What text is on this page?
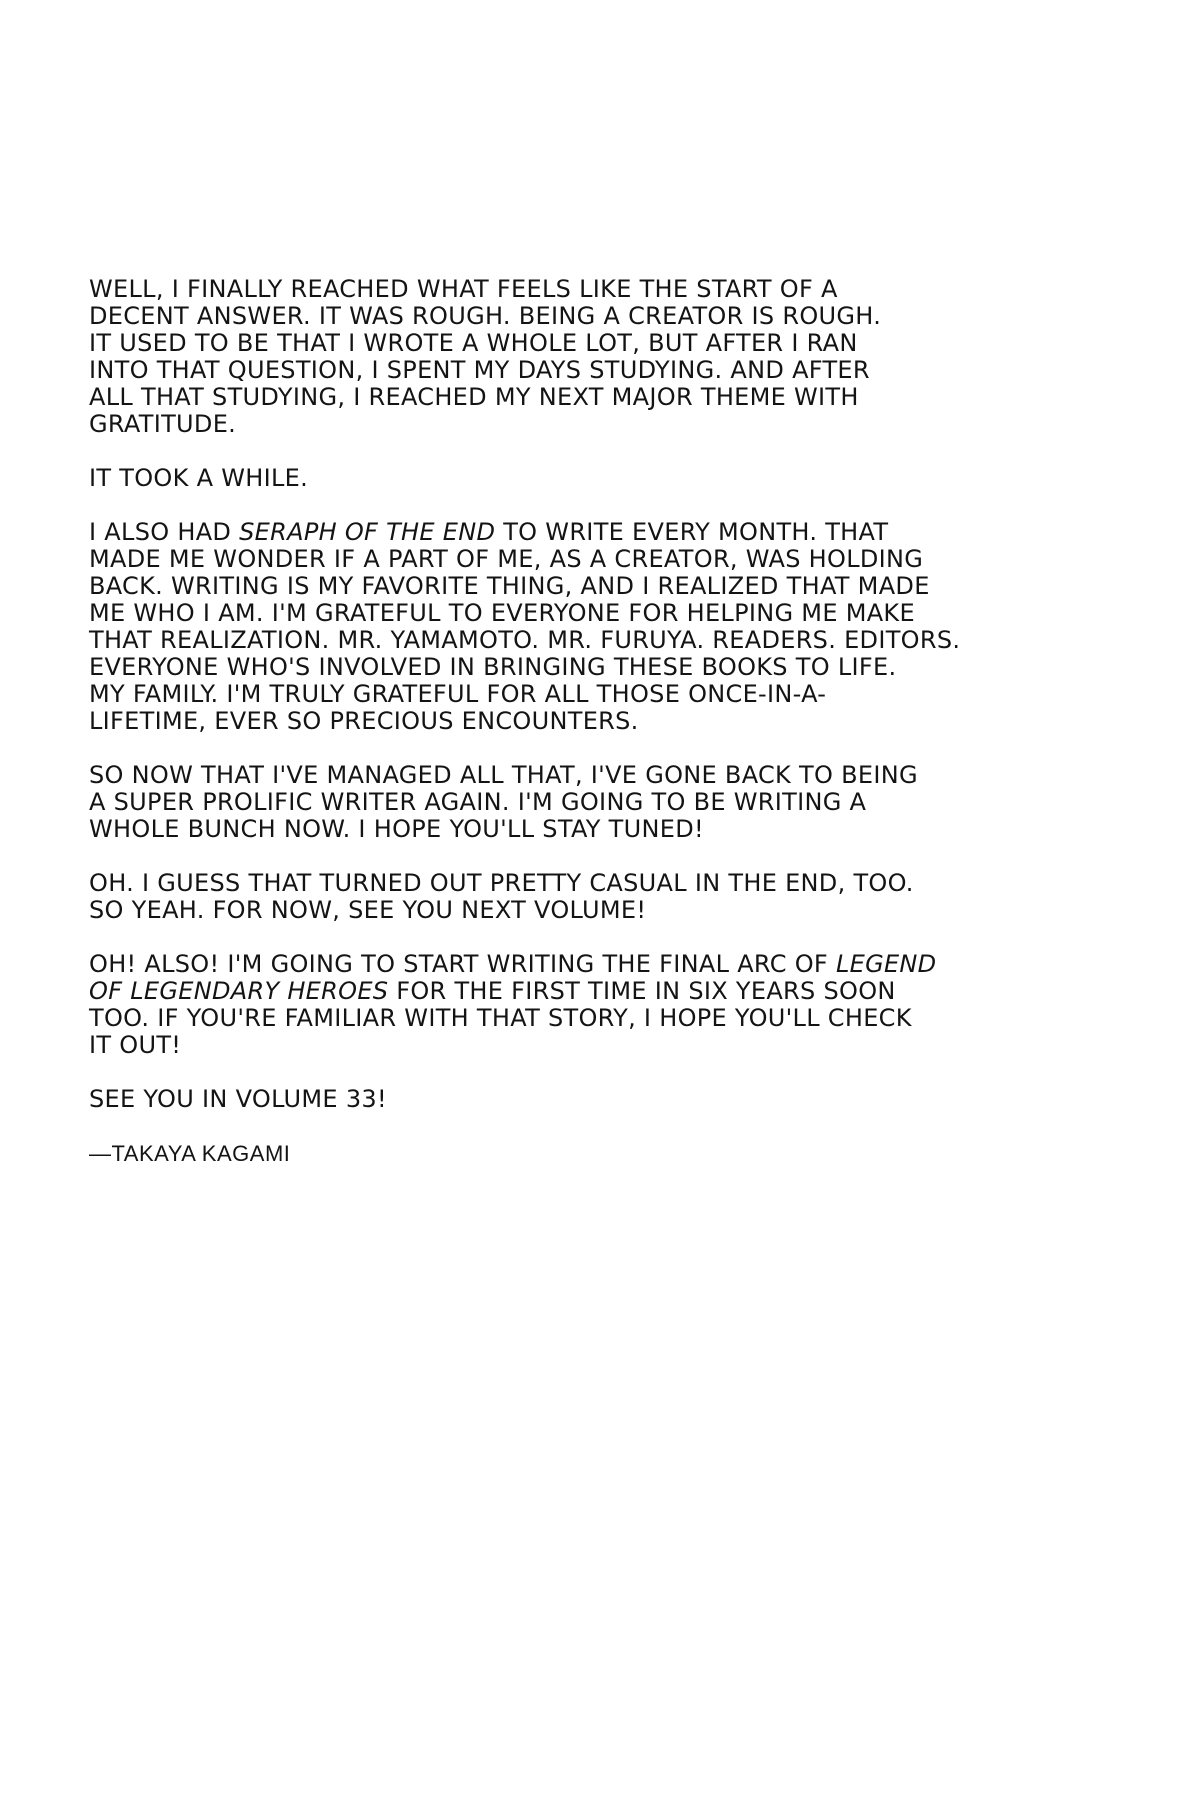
WELL, I FINALLY REACHED WHAT FEELS LIKE THE START OF A
DECENT ANSWER. IT WAS ROUGH. BEING A CREATOR IS ROUGH.
IT USED TO BE THAT I WROTE A WHOLE LOT, BUT AFTER I RAN
INTO THAT QUESTION, I SPENT MY DAYS STUDYING. AND AFTER
ALL THAT STUDYING, I REACHED MY NEXT MAJOR THEME WITH
GRATITUDE.

IT TOOK A WHILE.

I ALSO HAD SERAPH OF THE END TO WRITE EVERY MONTH. THAT
MADE ME WONDER IF A PART OF ME, AS A CREATOR, WAS HOLDING
BACK. WRITING IS MY FAVORITE THING, AND I REALIZED THAT MADE
ME WHO I AM. I'M GRATEFUL TO EVERYONE FOR HELPING ME MAKE
THAT REALIZATION. MR. YAMAMOTO. MR. FURUYA. READERS. EDITORS.
EVERYONE WHO'S INVOLVED IN BRINGING THESE BOOKS TO LIFE.
MY FAMILY. I'M TRULY GRATEFUL FOR ALL THOSE ONCE-IN-A-
LIFETIME, EVER SO PRECIOUS ENCOUNTERS.

SO NOW THAT I'VE MANAGED ALL THAT, I'VE GONE BACK TO BEING
A SUPER PROLIFIC WRITER AGAIN. I'M GOING TO BE WRITING A
WHOLE BUNCH NOW. I HOPE YOU'LL STAY TUNED!

OH. I GUESS THAT TURNED OUT PRETTY CASUAL IN THE END, TOO.
SO YEAH. FOR NOW, SEE YOU NEXT VOLUME!

OH! ALSO! I'M GOING TO START WRITING THE FINAL ARC OF LEGEND
OF LEGENDARY HEROES FOR THE FIRST TIME IN SIX YEARS SOON
TOO. IF YOU'RE FAMILIAR WITH THAT STORY, I HOPE YOU'LL CHECK
IT OUT!

SEE YOU IN VOLUME 33!

—TAKAYA KAGAMI
